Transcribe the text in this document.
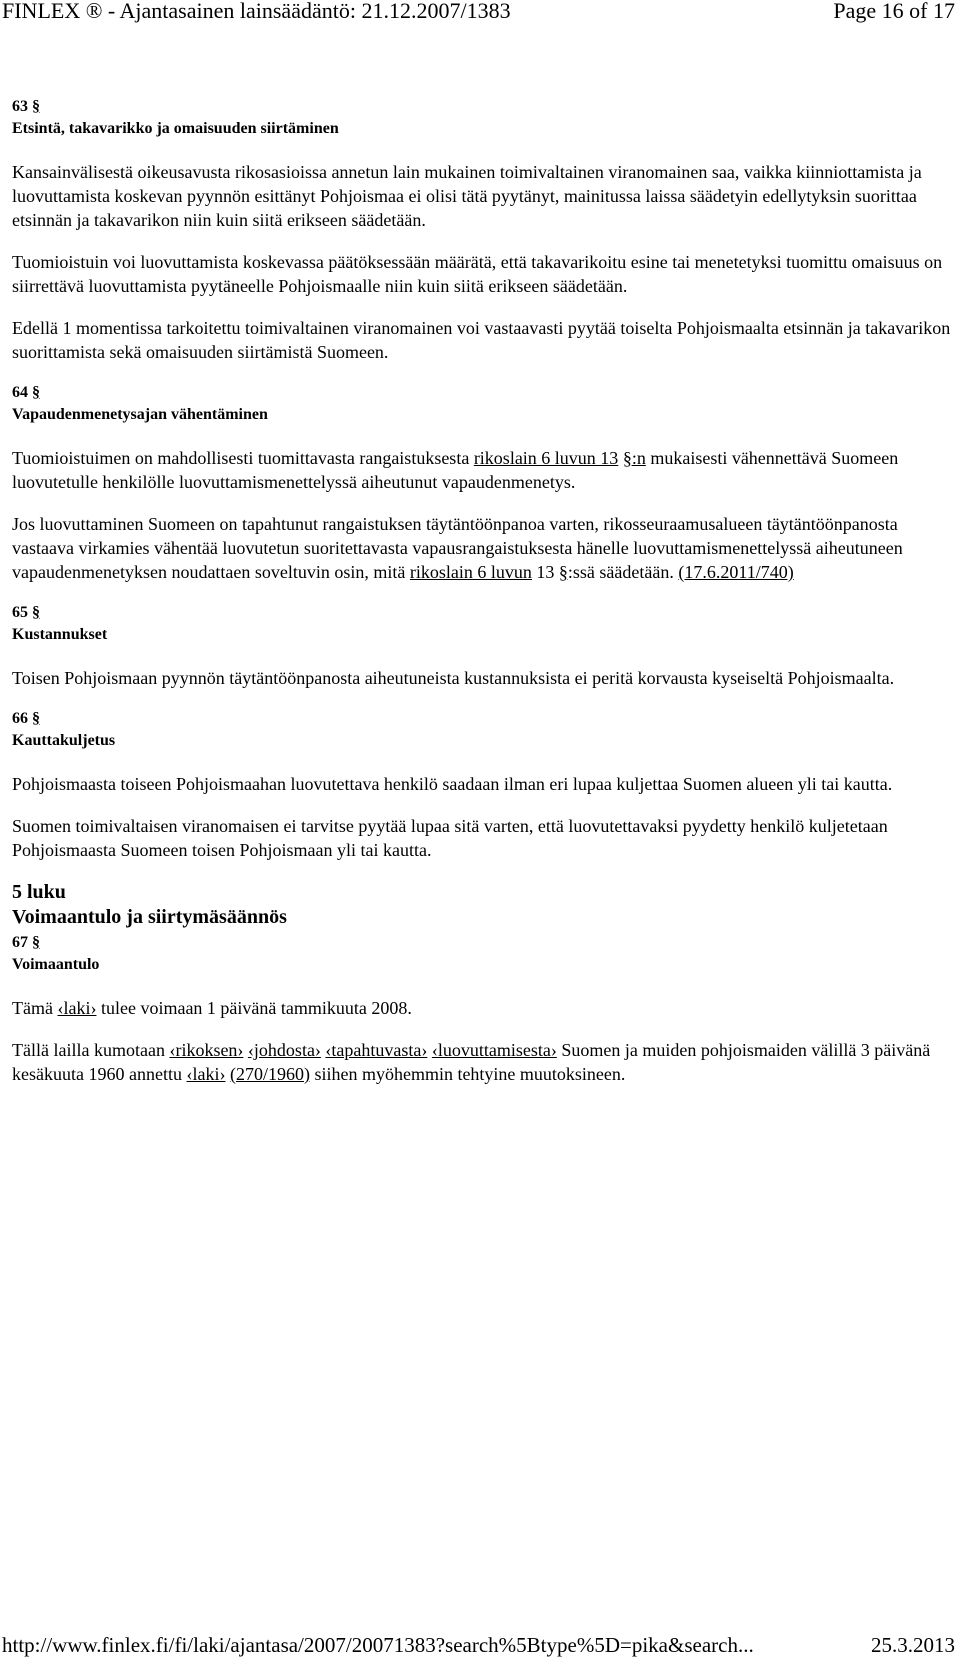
FINLEX ® - Ajantasainen lainsäädäntö: 21.12.2007/1383	Page 16 of 17

63 §

Etsintä, takavarikko ja omaisuuden siirtäminen

Kansainvälisestä oikeusavusta rikosasioissa annetun lain mukainen toimivaltainen viranomainen saa, vaikka kiinniottamista ja luovuttamista koskevan pyynnön esittänyt Pohjoismaa ei olisi tätä pyytänyt, mainitussa laissa säädetyin edellytyksin suorittaa etsinnän ja takavarikon niin kuin siitä erikseen säädetään.

Tuomioistuin voi luovuttamista koskevassa päätöksessään määrätä, että takavarikoitu esine tai menetetyksi tuomittu omaisuus on siirrettävä luovuttamista pyytäneelle Pohjoismaalle niin kuin siitä erikseen säädetään.

Edellä 1 momentissa tarkoitettu toimivaltainen viranomainen voi vastaavasti pyytää toiselta Pohjoismaalta etsinnän ja takavarikon suorittamista sekä omaisuuden siirtämistä Suomeen.

64 §

Vapaudenmenetysajan vähentäminen

Tuomioistuimen on mahdollisesti tuomittavasta rangaistuksesta rikoslain 6 luvun 13 §:n mukaisesti vähennettävä Suomeen luovutetulle henkilölle luovuttamismenettelyssä aiheutunut vapaudenmenetys.

Jos luovuttaminen Suomeen on tapahtunut rangaistuksen täytäntöönpanoa varten, rikosseuraamusalueen täytäntöönpanosta vastaava virkamies vähentää luovutetun suoritettavasta vapausrangaistuksesta hänelle luovuttamismenettelyssä aiheutuneen vapaudenmenetyksen noudattaen soveltuvin osin, mitä rikoslain 6 luvun 13 §:ssä säädetään. (17.6.2011/740)

65 §

Kustannukset

Toisen Pohjoismaan pyynnön täytäntöönpanosta aiheutuneista kustannuksista ei peritä korvausta kyseiseltä Pohjoismaalta.

66 §

Kauttakuljetus

Pohjoismaasta toiseen Pohjoismaahan luovutettava henkilö saadaan ilman eri lupaa kuljettaa Suomen alueen yli tai kautta.

Suomen toimivaltaisen viranomaisen ei tarvitse pyytää lupaa sitä varten, että luovutettavaksi pyydetty henkilö kuljetetaan Pohjoismaasta Suomeen toisen Pohjoismaan yli tai kautta.

5 luku

Voimaantulo ja siirtymäsäännös

67 §

Voimaantulo

Tämä ‹laki› tulee voimaan 1 päivänä tammikuuta 2008.

Tällä lailla kumotaan ‹rikoksen› ‹johdosta› ‹tapahtuvasta› ‹luovuttamisesta› Suomen ja muiden pohjoismaiden välillä 3 päivänä kesäkuuta 1960 annettu ‹laki› (270/1960) siihen myöhemmin tehtyine muutoksineen.

http://www.finlex.fi/fi/laki/ajantasa/2007/20071383?search%5Btype%5D=pika&search...	25.3.2013
